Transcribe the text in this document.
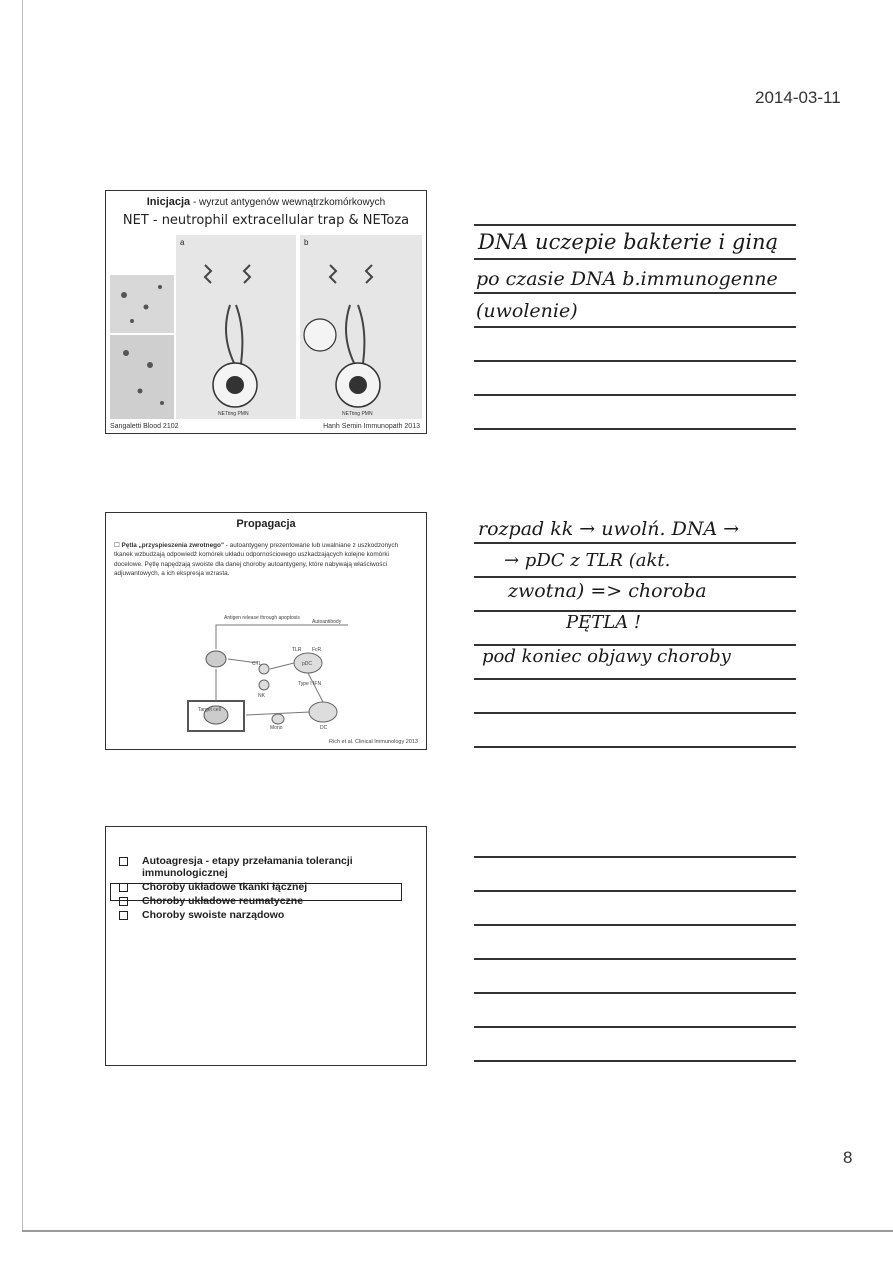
2014-03-11
8
Inicjacja - wyrzut antygenów wewnątrzkomórkowych
NET - neutrophil extracellular trap & NEToza
a	b
NETting PMN	NETting PMN
Sangaletti Blood 2102	Hanh Semin Immunopath 2013
Propagacja
☐ Pętla „przyspieszenia zwrotnego" - autoantygeny prezentowane lub uwalniane z uszkodzonych tkanek wzbudzają odpowiedź komórek układu odpornościowego uszkadzających kolejne komórki docelowe. Pętlę napędzają swoiste dla danej choroby autoantygeny, które nabywają właściwości adjuwantowych, a ich ekspresja wzrasta.
Autoantibody
Antigen release through apoptosis
Target cell
TLR FcR
CTL	pDC
Type I IFN
Mono	DC
NK
Rich et al. Clinical Immunology 2013
Autoagresja - etapy przełamania tolerancji immunologicznej
Choroby układowe tkanki łącznej
Choroby układowe reumatyczne
Choroby swoiste narządowo
DNA uczepie bakterie i giną
po czasie DNA b.immunogenne
(uwolenie)
rozpad kk → uwolń. DNA →
→ pDC z TLR (akt.
zwotna) => choroba
PĘTLA !
pod koniec objawy choroby
